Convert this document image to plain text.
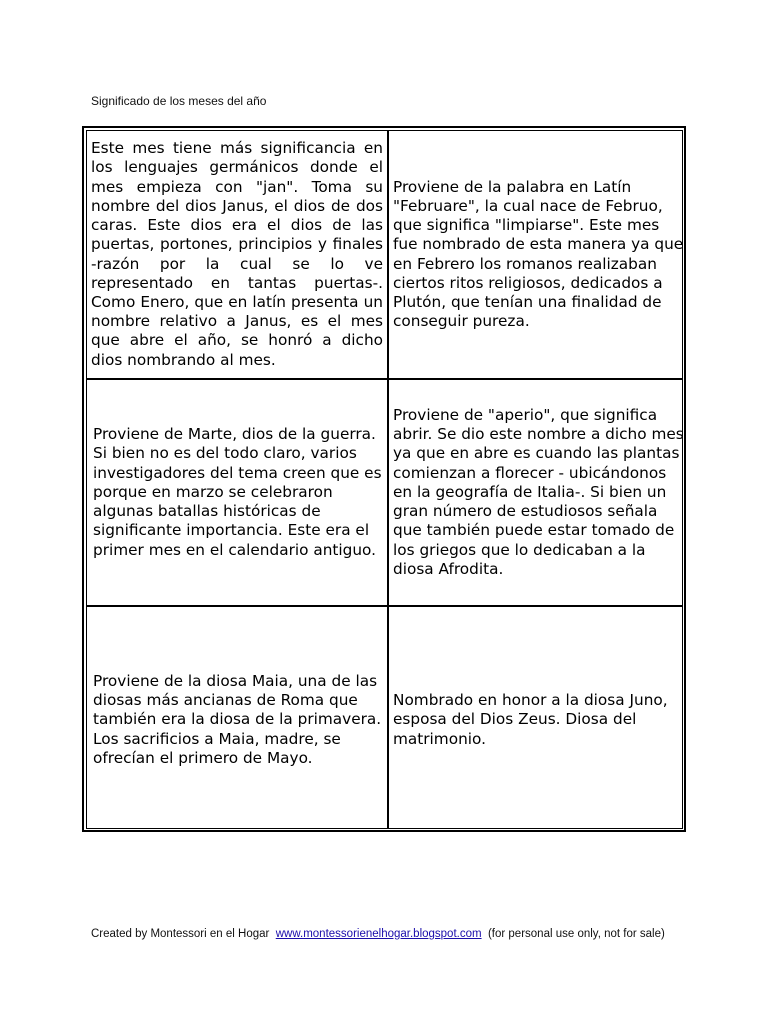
Significado de los meses del año

Este mes tiene más significancia en los lenguajes germánicos donde el mes empieza con "jan". Toma su nombre del dios Janus, el dios de dos caras. Este dios era el dios de las puertas, portones, principios y finales -razón por la cual se lo ve representado en tantas puertas-. Como Enero, que en latín presenta un nombre relativo a Janus, es el mes que abre el año, se honró a dicho dios nombrando al mes.

Proviene de la palabra en Latín "Februare", la cual nace de Februo, que significa "limpiarse". Este mes fue nombrado de esta manera ya que en Febrero los romanos realizaban ciertos ritos religiosos, dedicados a Plutón, que tenían una finalidad de conseguir pureza.

Proviene de Marte, dios de la guerra. Si bien no es del todo claro, varios investigadores del tema creen que es porque en marzo se celebraron algunas batallas históricas de significante importancia. Este era el primer mes en el calendario antiguo.

Proviene de "aperio", que significa abrir. Se dio este nombre a dicho mes ya que en abre es cuando las plantas comienzan a florecer - ubicándonos en la geografía de Italia-. Si bien un gran número de estudiosos señala que también puede estar tomado de los griegos que lo dedicaban a la diosa Afrodita.

Proviene de la diosa Maia, una de las diosas más ancianas de Roma que también era la diosa de la primavera. Los sacrificios a Maia, madre, se ofrecían el primero de Mayo.

Nombrado en honor a la diosa Juno, esposa del Dios Zeus. Diosa del matrimonio.

Created by Montessori en el Hogar www.montessorienelhogar.blogspot.com (for personal use only, not for sale)
